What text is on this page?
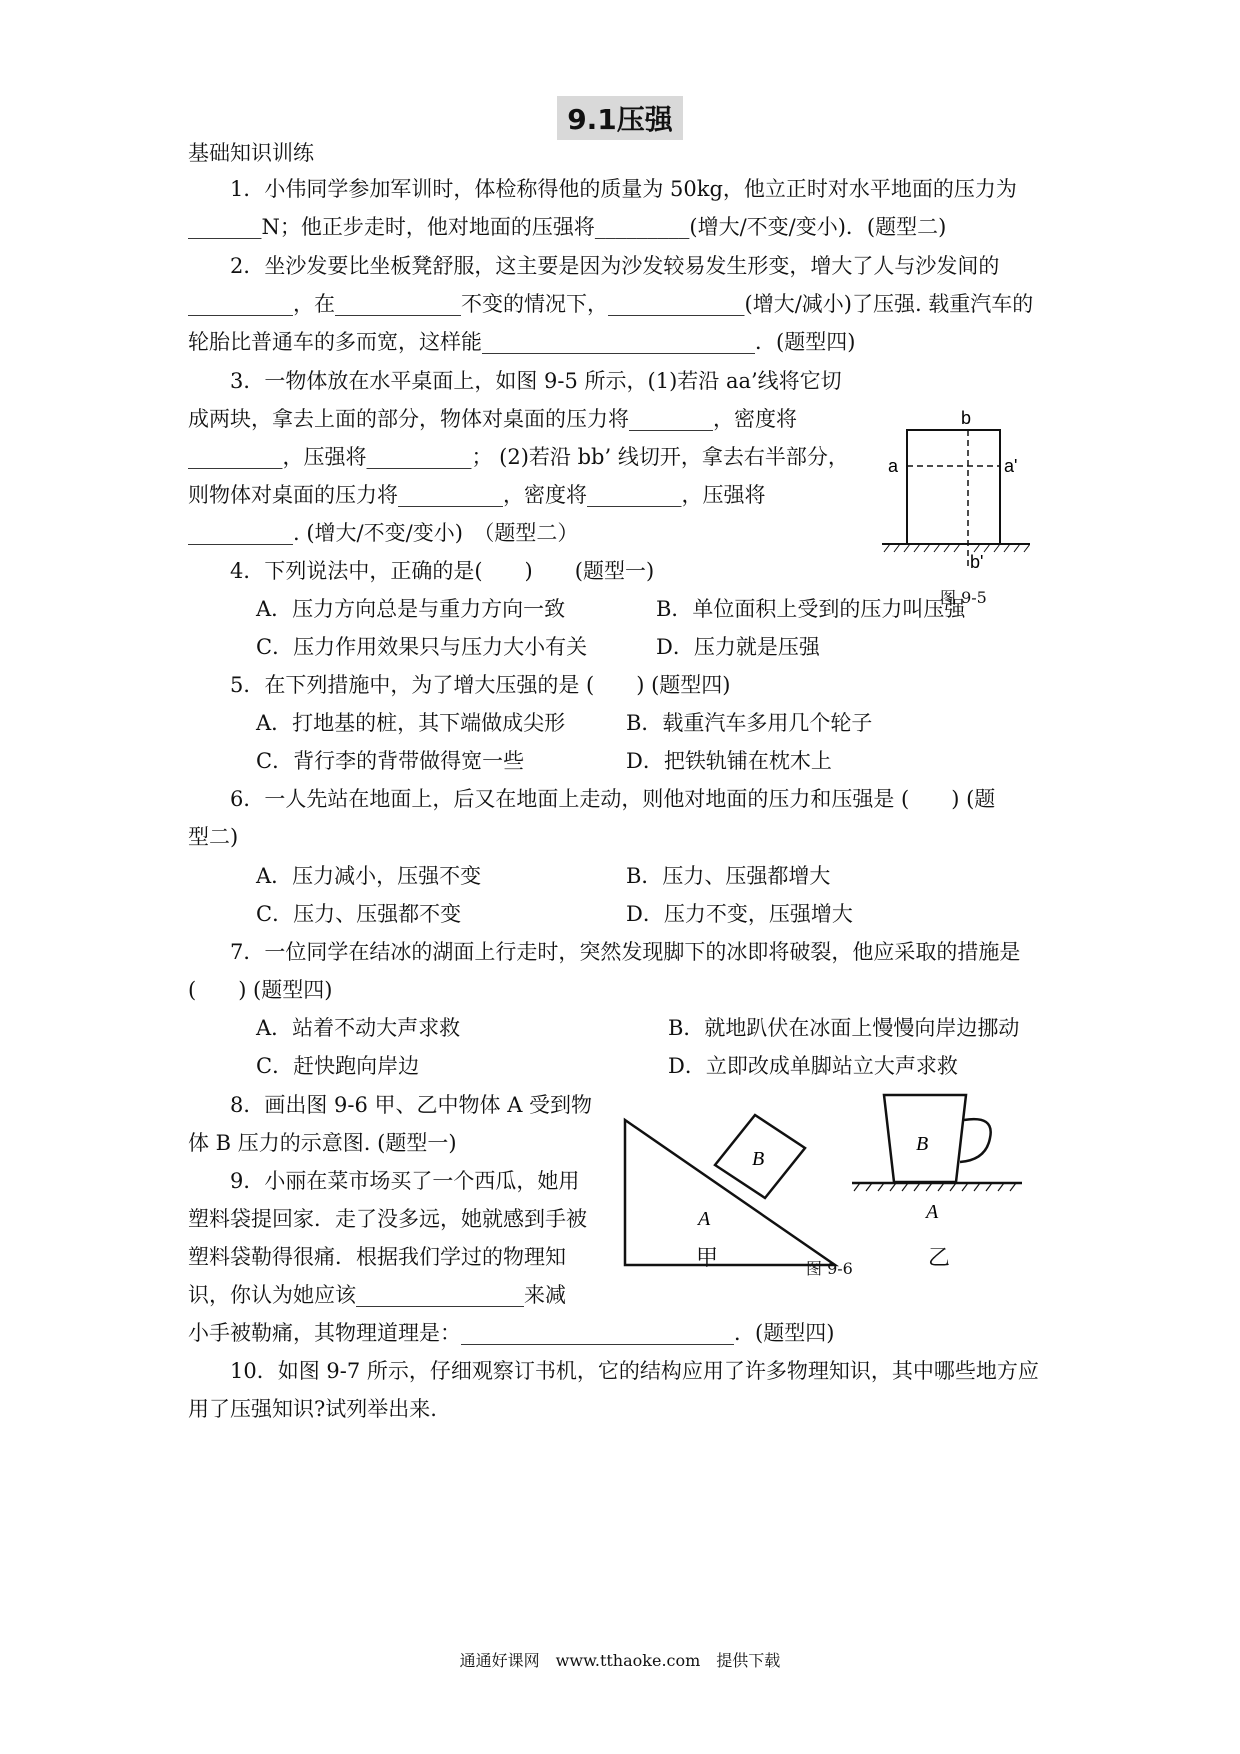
9.1压强
基础知识训练
1．小伟同学参加军训时，体检称得他的质量为 50kg，他立正时对水平地面的压力为
_______N；他正步走时，他对地面的压强将_________(增大/不变/变小)．(题型二)
2．坐沙发要比坐板凳舒服，这主要是因为沙发较易发生形变，增大了人与沙发间的
__________，在____________不变的情况下，_____________(增大/减小)了压强. 载重汽车的
轮胎比普通车的多而宽，这样能__________________________．(题型四)
3．一物体放在水平桌面上，如图 9-5 所示，(1)若沿 aa’线将它切
成两块，拿去上面的部分，物体对桌面的压力将________，密度将
_________，压强将__________； (2)若沿 bb’ 线切开，拿去右半部分，
则物体对桌面的压力将__________，密度将_________，压强将
__________. (增大/不变/变小)　（题型二）
a	a'
b
b'
图 9-5
4．下列说法中，正确的是(　　)　　(题型一)
A．压力方向总是与重力方向一致	B．单位面积上受到的压力叫压强
C．压力作用效果只与压力大小有关	D．压力就是压强
5．在下列措施中，为了增大压强的是 (　　) (题型四)
A．打地基的桩，其下端做成尖形	B．载重汽车多用几个轮子
C．背行李的背带做得宽一些	D．把铁轨铺在枕木上
6．一人先站在地面上，后又在地面上走动，则他对地面的压力和压强是 (　　) (题
型二)
A．压力减小，压强不变	B．压力、压强都增大
C．压力、压强都不变	D．压力不变，压强增大
7．一位同学在结冰的湖面上行走时，突然发现脚下的冰即将破裂，他应采取的措施是
(　　) (题型四)
A．站着不动大声求救	B．就地趴伏在冰面上慢慢向岸边挪动
C．赶快跑向岸边	D．立即改成单脚站立大声求救
8．画出图 9-6 甲、乙中物体 A 受到物
体 B 压力的示意图. (题型一)
9．小丽在菜市场买了一个西瓜，她用
塑料袋提回家．走了没多远，她就感到手被
塑料袋勒得很痛．根据我们学过的物理知
识，你认为她应该________________来减
小手被勒痛，其物理道理是：__________________________．(题型四)
A
B
B
A
甲	图 9-6	乙
10．如图 9-7 所示，仔细观察订书机，它的结构应用了许多物理知识，其中哪些地方应
用了压强知识?试列举出来.
通通好课网　www.tthaoke.com　提供下载
